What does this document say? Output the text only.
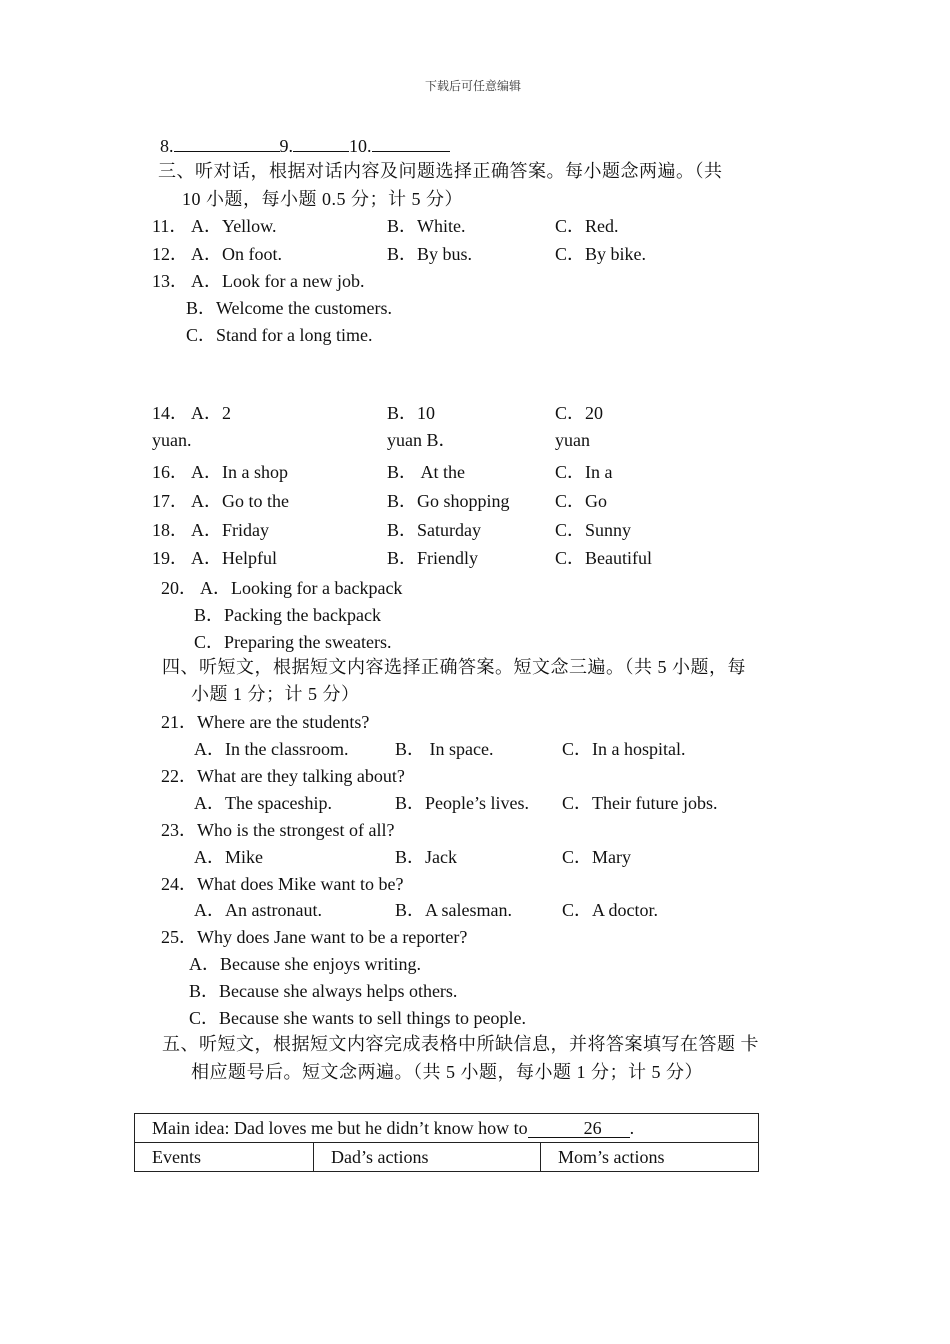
下载后可任意编辑
8.	9.	10.
三、听对话，根据对话内容及问题选择正确答案。每小题念两遍。（共
10 小题，每小题 0.5 分；计 5 分）
11． A．Yellow.	B．White.	C．Red.
12． A．On foot.	B．By bus.	C．By bike.
13． A．Look for a new job.
B．Welcome the customers.
C．Stand for a long time.
14． A．2	B．10	C．20
yuan.	yuan B．	yuan
16． A．In a shop	B． At the	C．In a
17． A．Go to the	B．Go shopping	C．Go
18． A．Friday	B．Saturday	C．Sunny
19． A．Helpful	B．Friendly	C．Beautiful
20． A．Looking for a backpack
B．Packing the backpack
C．Preparing the sweaters.
四、听短文，根据短文内容选择正确答案。短文念三遍。（共 5 小题，每
小题 1 分；计 5 分）
21．Where are the students?
A．In the classroom.	B． In space.	C．In a hospital.
22．What are they talking about?
A．The spaceship.	B．People’s lives. C．Their future jobs.
23．Who is the strongest of all?
A．Mike	B．Jack	C．Mary
24．What does Mike want to be?
A．An astronaut.	B．A salesman.	C．A doctor.
25．Why does Jane want to be a reporter?
A．Because she enjoys writing.
B．Because she always helps others.
C．Because she wants to sell things to people.
五、听短文，根据短文内容完成表格中所缺信息，并将答案填写在答题 卡
相应题号后。短文念两遍。（共 5 小题，每小题 1 分；计 5 分）
Main idea: Dad loves me but he didn’t know how to	26 .
Events	Dad’s actions	Mom’s actions
